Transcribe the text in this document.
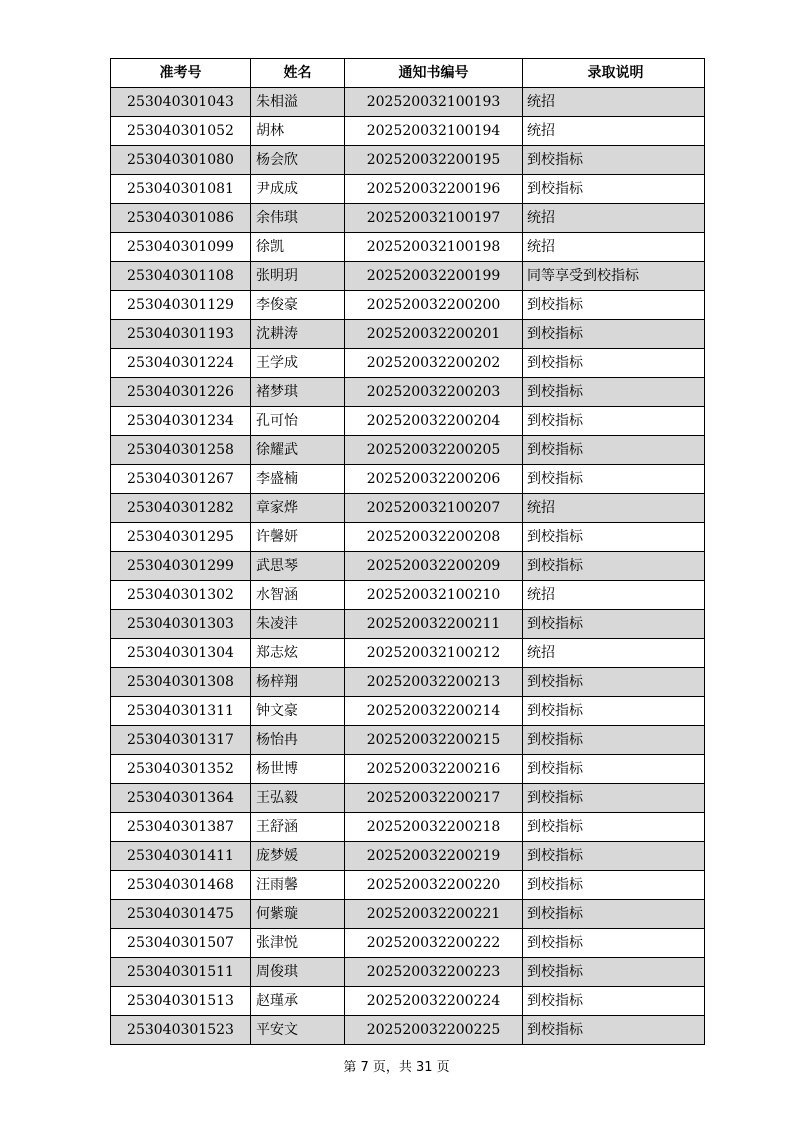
准考号	姓名	通知书编号	录取说明
253040301043	朱相溢	202520032100193	统招
253040301052	胡林	202520032100194	统招
253040301080	杨会欣	202520032200195	到校指标
253040301081	尹成成	202520032200196	到校指标
253040301086	余伟琪	202520032100197	统招
253040301099	徐凯	202520032100198	统招
253040301108	张明玥	202520032200199	同等享受到校指标
253040301129	李俊豪	202520032200200	到校指标
253040301193	沈耕涛	202520032200201	到校指标
253040301224	王学成	202520032200202	到校指标
253040301226	褚梦琪	202520032200203	到校指标
253040301234	孔可怡	202520032200204	到校指标
253040301258	徐耀武	202520032200205	到校指标
253040301267	李盛楠	202520032200206	到校指标
253040301282	章家烨	202520032100207	统招
253040301295	许馨妍	202520032200208	到校指标
253040301299	武思琴	202520032200209	到校指标
253040301302	水智涵	202520032100210	统招
253040301303	朱凌沣	202520032200211	到校指标
253040301304	郑志炫	202520032100212	统招
253040301308	杨梓翔	202520032200213	到校指标
253040301311	钟文豪	202520032200214	到校指标
253040301317	杨怡冉	202520032200215	到校指标
253040301352	杨世博	202520032200216	到校指标
253040301364	王弘毅	202520032200217	到校指标
253040301387	王舒涵	202520032200218	到校指标
253040301411	庞梦媛	202520032200219	到校指标
253040301468	汪雨馨	202520032200220	到校指标
253040301475	何紫璇	202520032200221	到校指标
253040301507	张津悦	202520032200222	到校指标
253040301511	周俊琪	202520032200223	到校指标
253040301513	赵瑾承	202520032200224	到校指标
253040301523	平安文	202520032200225	到校指标
第 7 页，共 31 页
